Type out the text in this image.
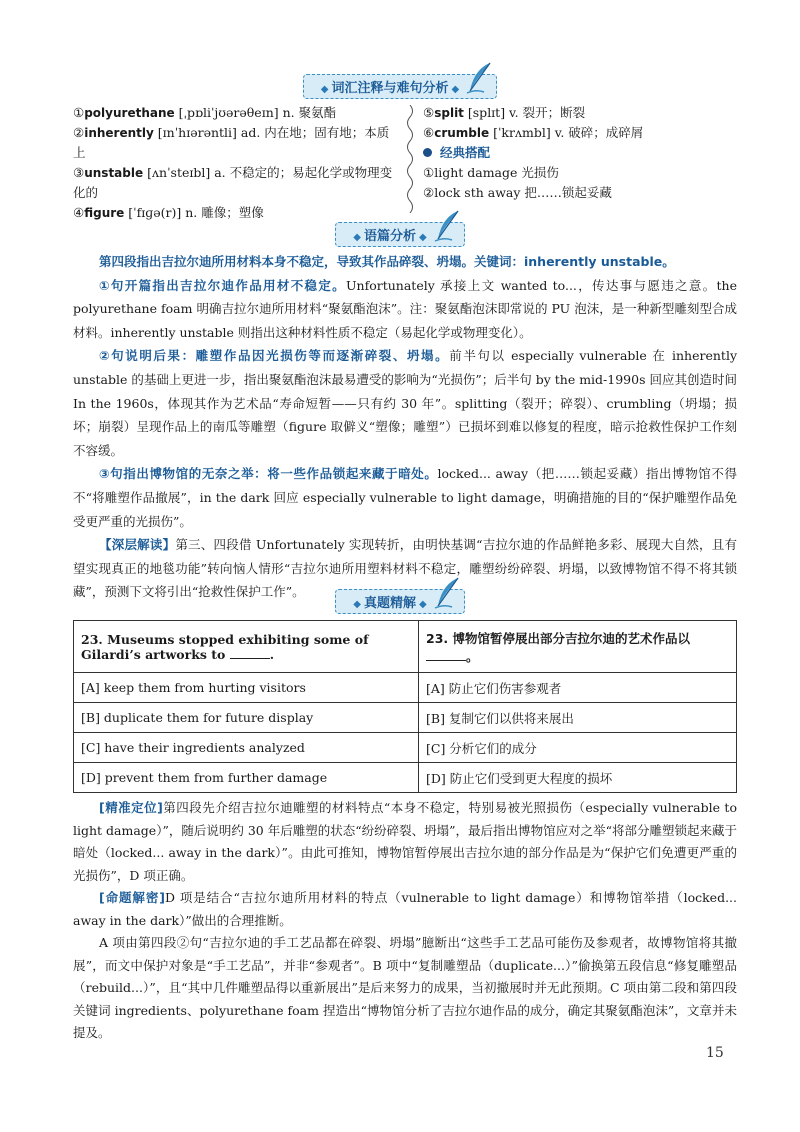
◆ 词汇注释与难句分析 ◆

①polyurethane [ˌpɒliˈjʊərəθeɪn] n. 聚氨酯

②inherently [ɪnˈhɪərəntli] ad. 内在地；固有地；本质上

③unstable [ʌnˈsteɪbl] a. 不稳定的；易起化学或物理变

化的

④figure [ˈfɪɡə(r)] n. 雕像；塑像

⑤split [splɪt] v. 裂开；断裂

⑥crumble [ˈkrʌmbl] v. 破碎；成碎屑

经典搭配

①light damage 光损伤

②lock sth away 把……锁起妥藏

◆ 语篇分析 ◆

第四段指出吉拉尔迪所用材料本身不稳定，导致其作品碎裂、坍塌。关键词：inherently unstable。

①句开篇指出吉拉尔迪作品用材不稳定。Unfortunately 承接上文 wanted to...，传达事与愿违之意。the polyurethane foam 明确吉拉尔迪所用材料“聚氨酯泡沫”。注：聚氨酯泡沫即常说的 PU 泡沫，是一种新型雕刻型合成材料。inherently unstable 则指出这种材料性质不稳定（易起化学或物理变化）。

②句说明后果：雕塑作品因光损伤等而逐渐碎裂、坍塌。前半句以 especially vulnerable 在 inherently unstable 的基础上更进一步，指出聚氨酯泡沫最易遭受的影响为“光损伤”；后半句 by the mid-1990s 回应其创造时间 In the 1960s，体现其作为艺术品“寿命短暂——只有约 30 年”。splitting（裂开；碎裂）、crumbling（坍塌；损坏；崩裂）呈现作品上的南瓜等雕塑（figure 取僻义“塑像；雕塑”）已损坏到难以修复的程度，暗示抢救性保护工作刻不容缓。

③句指出博物馆的无奈之举：将一些作品锁起来藏于暗处。locked... away（把……锁起妥藏）指出博物馆不得不“将雕塑作品撤展”，in the dark 回应 especially vulnerable to light damage，明确措施的目的“保护雕塑作品免受更严重的光损伤”。

【深层解读】第三、四段借 Unfortunately 实现转折，由明快基调“吉拉尔迪的作品鲜艳多彩、展现大自然，且有望实现真正的地毯功能”转向恼人情形“吉拉尔迪所用塑料材料不稳定，雕塑纷纷碎裂、坍塌，以致博物馆不得不将其锁藏”，预测下文将引出“抢救性保护工作”。

◆ 真题精解 ◆
23. Museums stopped exhibiting some of Gilardi’s artworks to .	23. 博物馆暂停展出部分吉拉尔迪的艺术作品以。
[A] keep them from hurting visitors	[A] 防止它们伤害参观者
[B] duplicate them for future display	[B] 复制它们以供将来展出
[C] have their ingredients analyzed	[C] 分析它们的成分
[D] prevent them from further damage	[D] 防止它们受到更大程度的损坏

[精准定位]第四段先介绍吉拉尔迪雕塑的材料特点“本身不稳定，特别易被光照损伤（especially vulnerable to light damage）”，随后说明约 30 年后雕塑的状态“纷纷碎裂、坍塌”，最后指出博物馆应对之举“将部分雕塑锁起来藏于暗处（locked... away in the dark）”。由此可推知，博物馆暂停展出吉拉尔迪的部分作品是为“保护它们免遭更严重的光损伤”，D 项正确。

[命题解密]D 项是结合“吉拉尔迪所用材料的特点（vulnerable to light damage）和博物馆举措（locked... away in the dark）”做出的合理推断。

A 项由第四段②句“吉拉尔迪的手工艺品都在碎裂、坍塌”臆断出“这些手工艺品可能伤及参观者，故博物馆将其撤展”，而文中保护对象是“手工艺品”，并非“参观者”。B 项中“复制雕塑品（duplicate...）”偷换第五段信息“修复雕塑品（rebuild...）”，且“其中几件雕塑品得以重新展出”是后来努力的成果，当初撤展时并无此预期。C 项由第二段和第四段关键词 ingredients、polyurethane foam 捏造出“博物馆分析了吉拉尔迪作品的成分，确定其聚氨酯泡沫”，文章并未提及。

15
